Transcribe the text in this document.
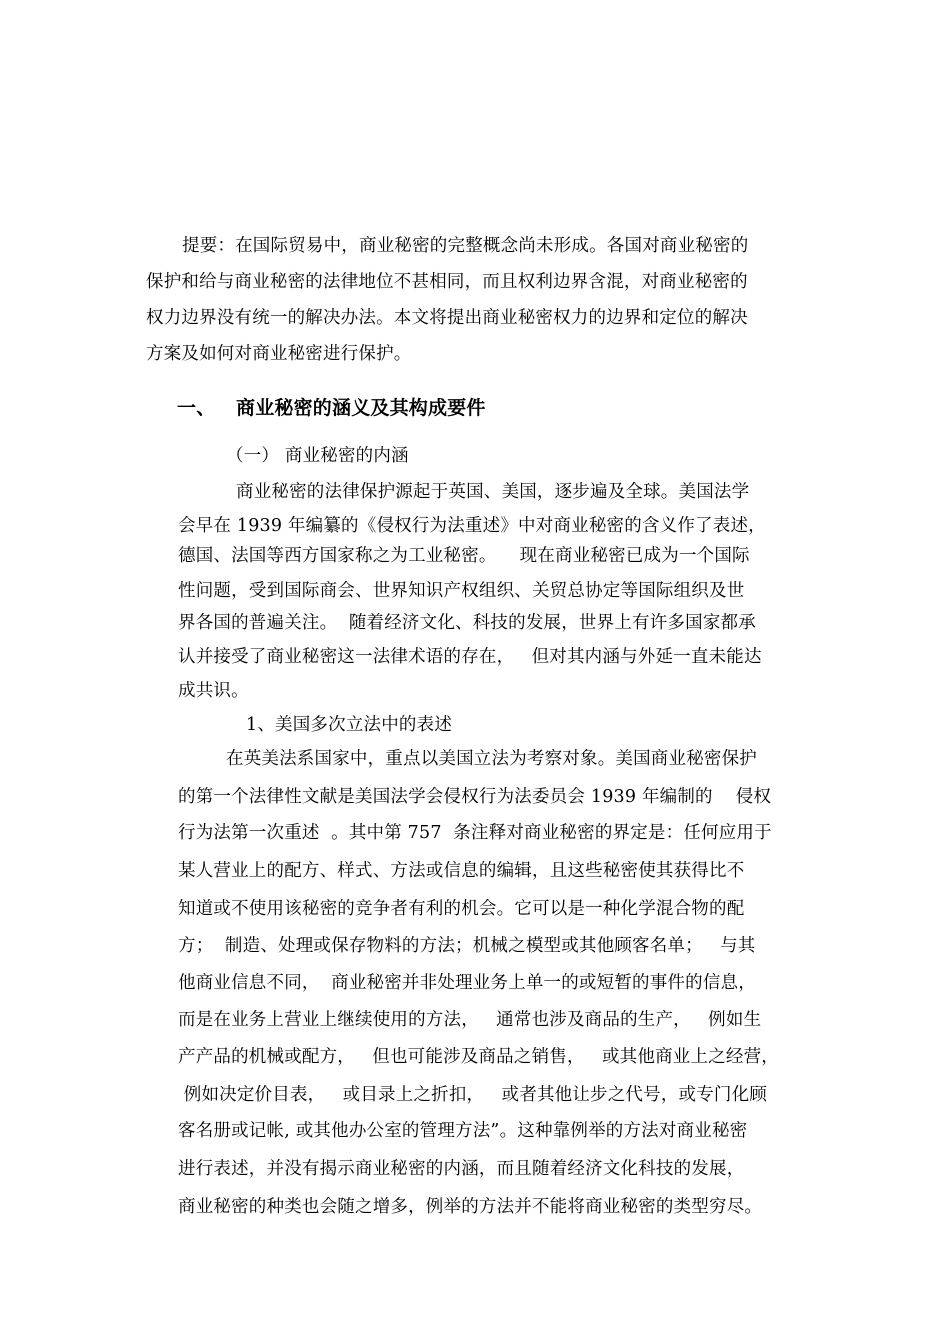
提要：在国际贸易中，商业秘密的完整概念尚未形成。各国对商业秘密的
保护和给与商业秘密的法律地位不甚相同，而且权利边界含混，对商业秘密的
权力边界没有统一的解决办法。本文将提出商业秘密权力的边界和定位的解决
方案及如何对商业秘密进行保护。
一、 商业秘密的涵义及其构成要件
（一） 商业秘密的内涵
商业秘密的法律保护源起于英国、美国，逐步遍及全球。美国法学
会早在 1939 年编纂的《侵权行为法重述》中对商业秘密的含义作了表述，
德国、法国等西方国家称之为工业秘密。    现在商业秘密已成为一个国际
性问题，受到国际商会、世界知识产权组织、关贸总协定等国际组织及世
界各国的普遍关注。  随着经济文化、科技的发展，世界上有许多国家都承
认并接受了商业秘密这一法律术语的存在，   但对其内涵与外延一直未能达
成共识。
1、美国多次立法中的表述
在英美法系国家中，重点以美国立法为考察对象。美国商业秘密保护
的第一个法律性文献是美国法学会侵权行为法委员会 1939 年编制的    侵权
行为法第一次重述  。其中第 757  条注释对商业秘密的界定是：任何应用于
某人营业上的配方、样式、方法或信息的编辑，且这些秘密使其获得比不
知道或不使用该秘密的竞争者有利的机会。它可以是一种化学混合物的配
方；  制造、处理或保存物料的方法；机械之模型或其他顾客名单；   与其
他商业信息不同，  商业秘密并非处理业务上单一的或短暂的事件的信息，
而是在业务上营业上继续使用的方法，   通常也涉及商品的生产，   例如生
产产品的机械或配方，   但也可能涉及商品之销售，   或其他商业上之经营，
例如决定价目表，   或目录上之折扣，   或者其他让步之代号，或专门化顾
客名册或记帐, 或其他办公室的管理方法”。这种靠例举的方法对商业秘密
进行表述，并没有揭示商业秘密的内涵，而且随着经济文化科技的发展，
商业秘密的种类也会随之增多，例举的方法并不能将商业秘密的类型穷尽。
